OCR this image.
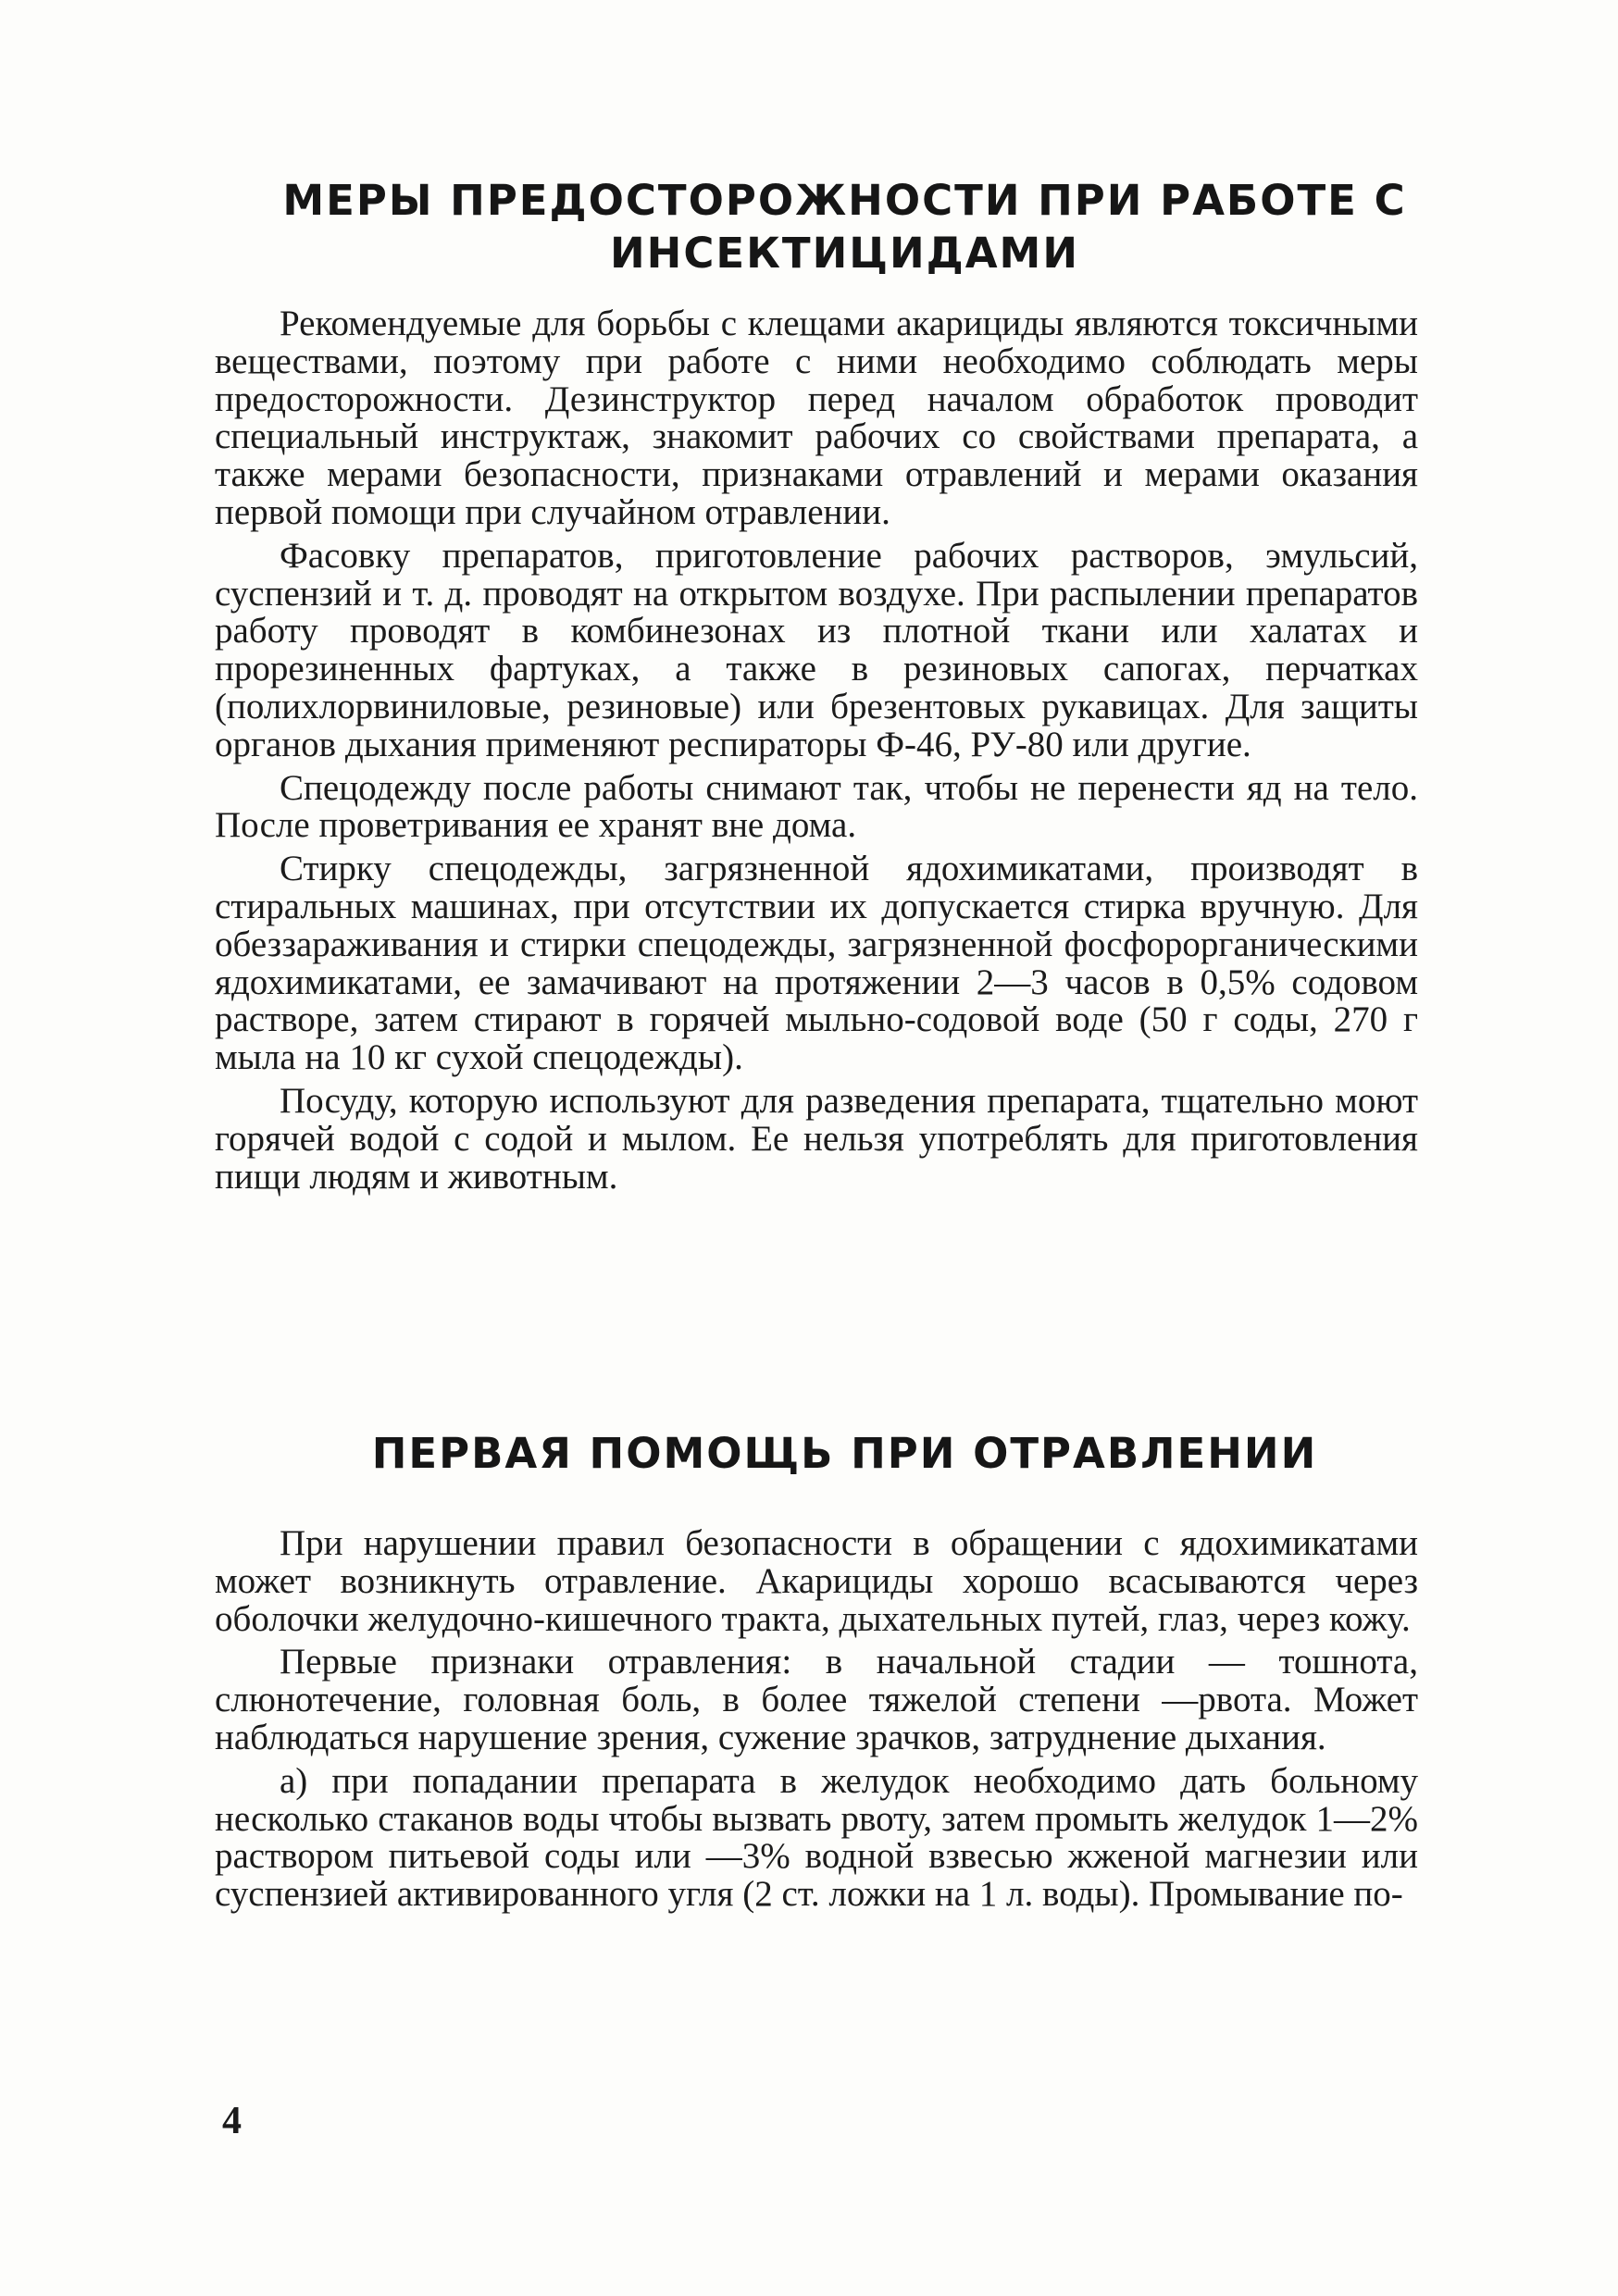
МЕРЫ ПРЕДОСТОРОЖНОСТИ ПРИ РАБОТЕ С ИНСЕКТИЦИДАМИ

Рекомендуемые для борьбы с клещами акарициды являются токсичными веществами, поэтому при работе с ними необходимо соблюдать меры предосторожности. Дезинструктор перед началом обработок проводит специальный инструктаж, знакомит рабочих со свойствами препарата, а также мерами безопасности, признаками отравлений и мерами оказания первой помощи при случайном отравлении.

Фасовку препаратов, приготовление рабочих растворов, эмульсий, суспензий и т. д. проводят на открытом воздухе. При распылении препаратов работу проводят в комбинезонах из плотной ткани или халатах и прорезиненных фартуках, а также в резиновых сапогах, перчатках (полихлорвиниловые, резиновые) или брезентовых рукавицах. Для защиты органов дыхания применяют респираторы Ф-46, РУ-80 или другие.

Спецодежду после работы снимают так, чтобы не перенести яд на тело. После проветривания ее хранят вне дома.

Стирку спецодежды, загрязненной ядохимикатами, производят в стиральных машинах, при отсутствии их допускается стирка вручную. Для обеззараживания и стирки спецодежды, загрязненной фосфорорганическими ядохимикатами, ее замачивают на протяжении 2—3 часов в 0,5% содовом растворе, затем стирают в горячей мыльно-содовой воде (50 г соды, 270 г мыла на 10 кг сухой спецодежды).

Посуду, которую используют для разведения препарата, тщательно моют горячей водой с содой и мылом. Ее нельзя употреблять для приготовления пищи людям и животным.

ПЕРВАЯ ПОМОЩЬ ПРИ ОТРАВЛЕНИИ

При нарушении правил безопасности в обращении с ядохимикатами может возникнуть отравление. Акарициды хорошо всасываются через оболочки желудочно-кишечного тракта, дыхательных путей, глаз, через кожу.

Первые признаки отравления: в начальной стадии — тошнота, слюнотечение, головная боль, в более тяжелой степени —рвота. Может наблюдаться нарушение зрения, сужение зрачков, затруднение дыхания.

а) при попадании препарата в желудок необходимо дать больному несколько стаканов воды чтобы вызвать рвоту, затем промыть желудок 1—2% раствором питьевой соды или —3% водной взвесью жженой магнезии или суспензией активированного угля (2 ст. ложки на 1 л. воды). Промывание по-

4
